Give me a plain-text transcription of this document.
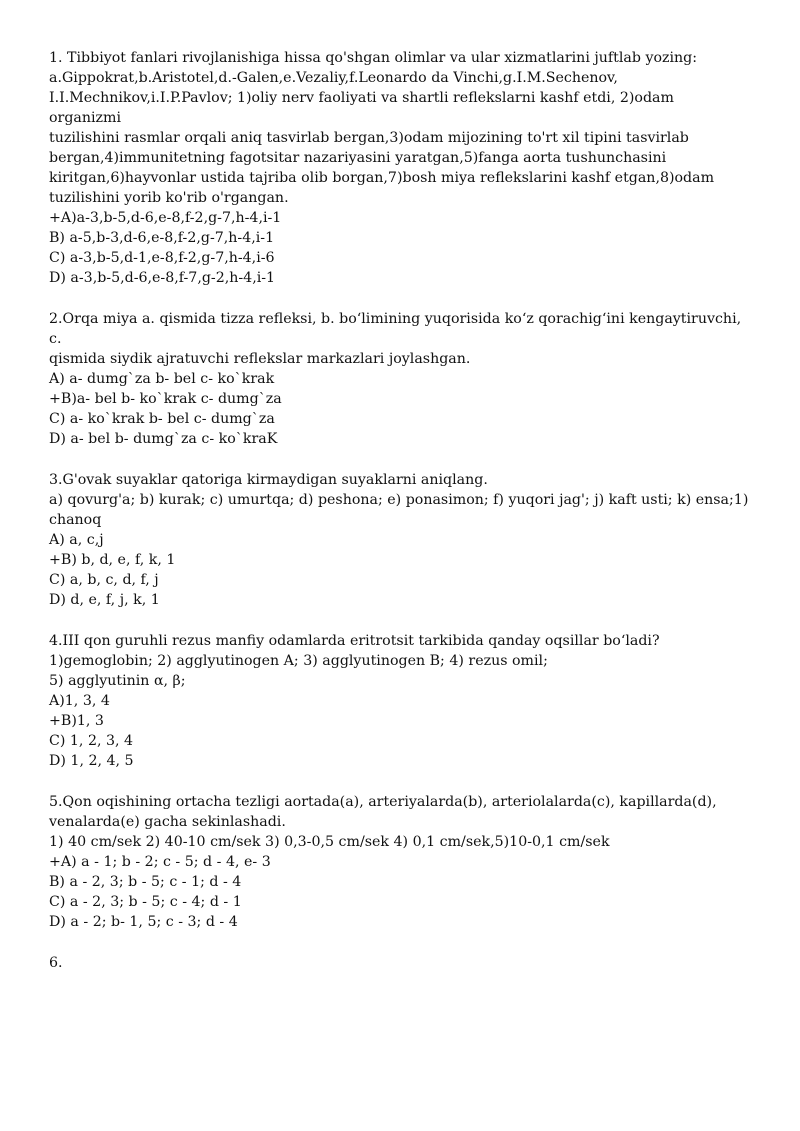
1. Tibbiyot fanlari rivojlanishiga hissa qo'shgan olimlar va ular xizmatlarini juftlab yozing:

a.Gippokrat,b.Aristotel,d.-Galen,e.Vezaliy,f.Leonardo da Vinchi,g.I.M.Sechenov,

I.I.Mechnikov,i.I.P.Pavlov; 1)oliy nerv faoliyati va shartli reflekslarni kashf etdi, 2)odam organizmi

tuzilishini rasmlar orqali aniq tasvirlab bergan,3)odam mijozining to'rt xil tipini tasvirlab

bergan,4)immunitetning fagotsitar nazariyasini yaratgan,5)fanga aorta tushunchasini

kiritgan,6)hayvonlar ustida tajriba olib borgan,7)bosh miya reflekslarini kashf etgan,8)odam

tuzilishini yorib ko'rib o'rgangan.

+A)a-3,b-5,d-6,e-8,f-2,g-7,h-4,i-1

B) a-5,b-3,d-6,e-8,f-2,g-7,h-4,i-1

C) a-3,b-5,d-1,e-8,f-2,g-7,h-4,i-6

D) a-3,b-5,d-6,e-8,f-7,g-2,h-4,i-1

2.Orqa miya a. qismida tizza refleksi, b. bo‘limining yuqorisida ko‘z qorachig‘ini kengaytiruvchi, c.

qismida siydik ajratuvchi reflekslar markazlari joylashgan.

A) a- dumg`za b- bel c- ko`krak

+B)a- bel b- ko`krak c- dumg`za

C) a- ko`krak b- bel c- dumg`za

D) a- bel b- dumg`za c- ko`kraK

3.G'ovak suyaklar qatoriga kirmaydigan suyaklarni aniqlang.

a) qovurg'a; b) kurak; c) umurtqa; d) peshona; e) ponasimon; f) yuqori jag'; j) kaft usti; k) ensa;1)

chanoq

A) a, c,j

+B) b, d, e, f, k, 1

C) a, b, c, d, f, j

D) d, e, f, j, k, 1

4.III qon guruhli rezus manfiy odamlarda eritrotsit tarkibida qanday oqsillar bo‘ladi?

1)gemoglobin; 2) agglyutinogen A; 3) agglyutinogen B; 4) rezus omil;

5) agglyutinin α, β;

A)1, 3, 4

+B)1, 3

C) 1, 2, 3, 4

D) 1, 2, 4, 5

5.Qon oqishining ortacha tezligi aortada(a), arteriyalarda(b), arteriolalarda(c), kapillarda(d),

venalarda(e) gacha sekinlashadi.

1) 40 cm/sek 2) 40-10 cm/sek 3) 0,3-0,5 cm/sek 4) 0,1 cm/sek,5)10-0,1 cm/sek

+A) a - 1; b - 2; c - 5; d - 4, e- 3

B) a - 2, 3; b - 5; c - 1; d - 4

C) a - 2, 3; b - 5; c - 4; d - 1

D) a - 2; b- 1, 5; c - 3; d - 4

6.
